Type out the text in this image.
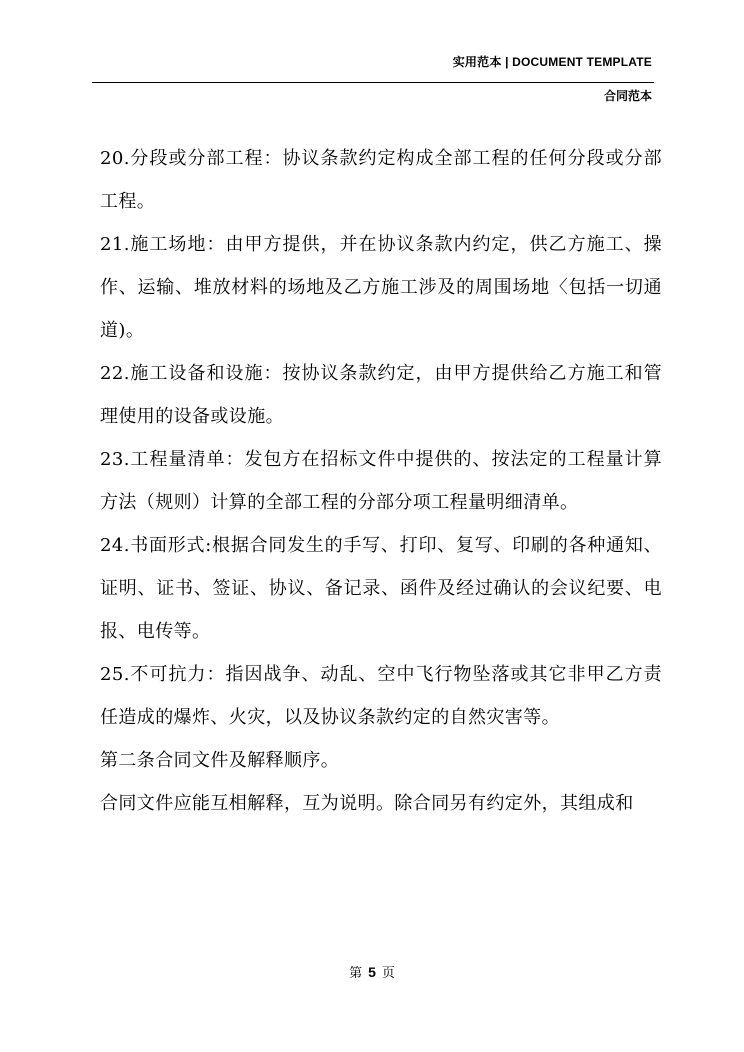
实用范本 | DOCUMENT TEMPLATE
合同范本

20.分段或分部工程：协议条款约定构成全部工程的任何分段或分部工程。

21.施工场地：由甲方提供，并在协议条款内约定，供乙方施工、操作、运输、堆放材料的场地及乙方施工涉及的周围场地〈包括一切通道)。

22.施工设备和设施：按协议条款约定，由甲方提供给乙方施工和管理使用的设备或设施。

23.工程量清单：发包方在招标文件中提供的、按法定的工程量计算方法（规则）计算的全部工程的分部分项工程量明细清单。

24.书面形式:根据合同发生的手写、打印、复写、印刷的各种通知、证明、证书、签证、协议、备记录、函件及经过确认的会议纪要、电报、电传等。

25.不可抗力：指因战争、动乱、空中飞行物坠落或其它非甲乙方责任造成的爆炸、火灾，以及协议条款约定的自然灾害等。

第二条合同文件及解释顺序。

合同文件应能互相解释，互为说明。除合同另有约定外，其组成和

第 5 页
